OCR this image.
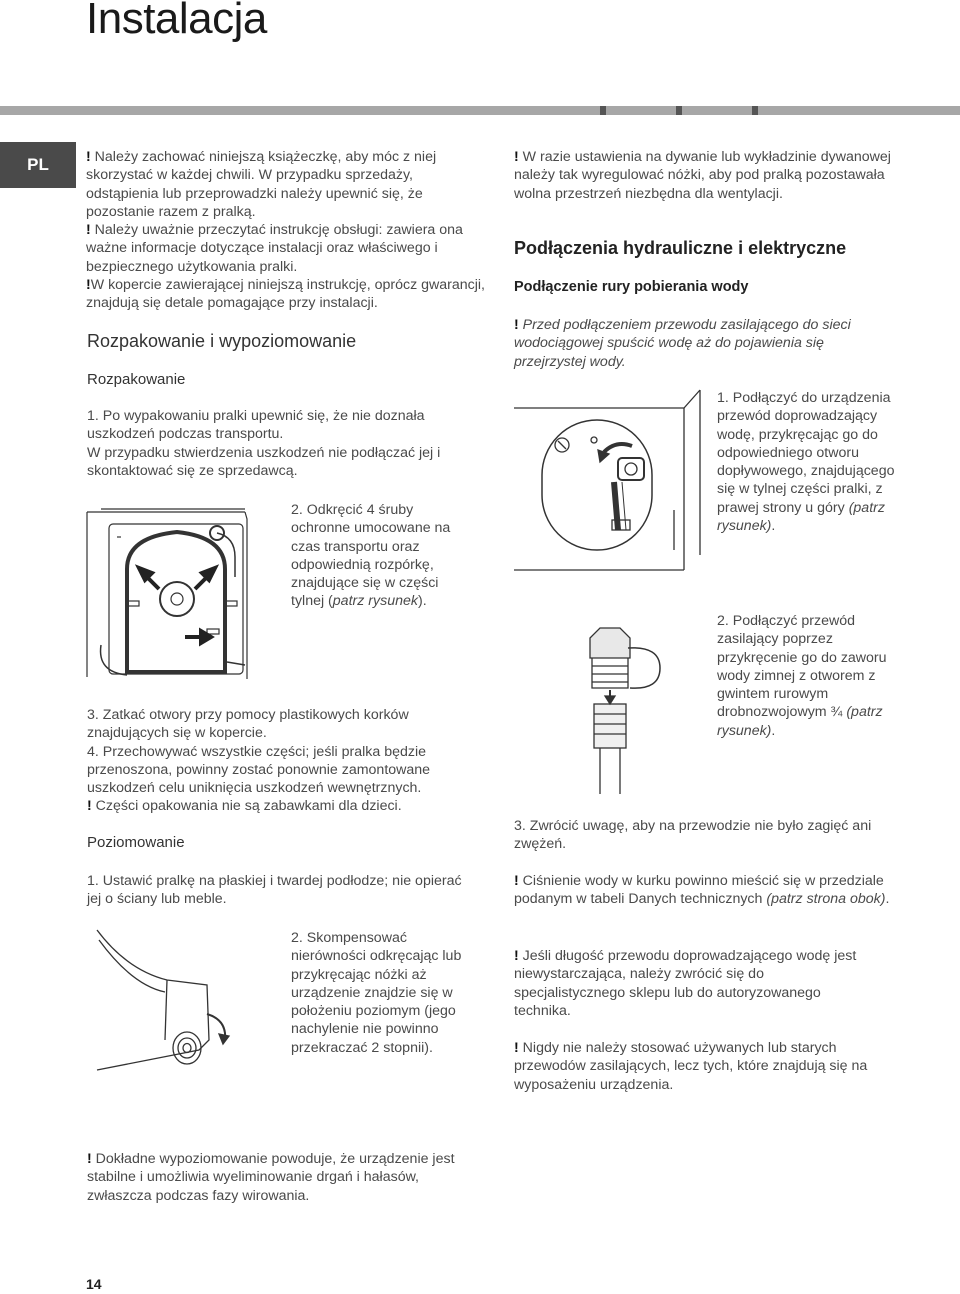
Instalacja
PL	! Należy zachować niniejszą książeczkę, aby móc z niej skorzystać w każdej chwili. W przypadku sprzedaży, odstąpienia lub przeprowadzki należy upewnić się, że pozostanie razem z pralką.

! Należy uważnie przeczytać instrukcję obsługi: zawiera ona ważne informacje dotyczące instalacji oraz właściwego i bezpiecznego użytkowania pralki.

!W kopercie zawierającej niniejszą instrukcję, oprócz gwarancji, znajdują się detale pomagające przy instalacji.

Rozpakowanie i wypoziomowanie
Rozpakowanie

1. Po wypakowaniu pralki upewnić się, że nie doznała uszkodzeń podczas transportu.

W przypadku stwierdzenia uszkodzeń nie podłączać jej i skontaktować się ze sprzedawcą.

2. Odkręcić 4 śruby ochronne umocowane na czas transportu oraz odpowiednią rozpórkę, znajdujące się w części tylnej (patrz rysunek).

3. Zatkać otwory przy pomocy plastikowych korków znajdujących się w kopercie.

4. Przechowywać wszystkie części; jeśli pralka będzie przenoszona, powinny zostać ponownie zamontowane uszkodzeń celu uniknięcia uszkodzeń wewnętrznych.

! Części opakowania nie są zabawkami dla dzieci.

Poziomowanie

1. Ustawić pralkę na płaskiej i twardej podłodze; nie opierać jej o ściany lub meble.

2. Skompensować nierówności odkręcając lub przykręcając nóżki aż urządzenie znajdzie się w położeniu poziomym (jego nachylenie nie powinno przekraczać 2 stopnii).

! Dokładne wypoziomowanie powoduje, że urządzenie jest stabilne i umożliwia wyeliminowanie drgań i hałasów, zwłaszcza podczas fazy wirowania.

! W razie ustawienia na dywanie lub wykładzinie dywanowej należy tak wyregulować nóżki, aby pod pralką pozostawała wolna przestrzeń niezbędna dla wentylacji.

Podłączenia hydrauliczne i elektryczne
Podłączenie rury pobierania wody

! Przed podłączeniem przewodu zasilającego do sieci wodociągowej spuścić wodę aż do pojawienia się przejrzystej wody.

1. Podłączyć do urządzenia przewód doprowadzający wodę, przykręcając go do odpowiedniego otworu dopływowego, znajdującego się w tylnej części pralki, z prawej strony u góry (patrz rysunek).

2. Podłączyć przewód zasilający poprzez przykręcenie go do zaworu wody zimnej z otworem z gwintem rurowym drobnozwojowym ¾ (patrz rysunek).

3. Zwrócić uwagę, aby na przewodzie nie było zagięć ani zwężeń.

! Ciśnienie wody w kurku powinno mieścić się w przedziale podanym w tabeli Danych technicznych (patrz strona obok).

! Jeśli długość przewodu doprowadzającego wodę jest niewystarczająca, należy zwrócić się do specjalistycznego sklepu lub do autoryzowanego technika.

! Nigdy nie należy stosować używanych lub starych przewodów zasilających, lecz tych, które znajdują się na wyposażeniu urządzenia.

14
